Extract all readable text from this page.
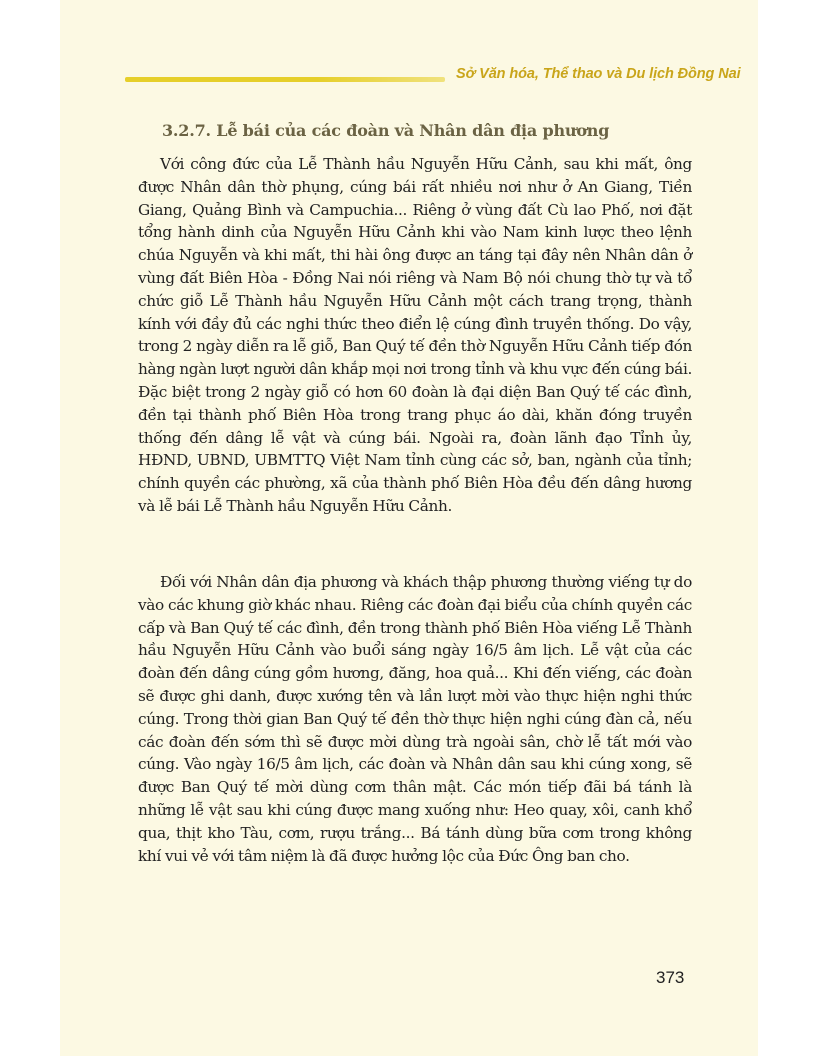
Sở Văn hóa, Thể thao và Du lịch Đồng Nai
3.2.7. Lễ bái của các đoàn và Nhân dân địa phương

Với công đức của Lễ Thành hầu Nguyễn Hữu Cảnh, sau khi mất, ông được Nhân dân thờ phụng, cúng bái rất nhiều nơi như ở An Giang, Tiền Giang, Quảng Bình và Campuchia... Riêng ở vùng đất Cù lao Phố, nơi đặt tổng hành dinh của Nguyễn Hữu Cảnh khi vào Nam kinh lược theo lệnh chúa Nguyễn và khi mất, thi hài ông được an táng tại đây nên Nhân dân ở vùng đất Biên Hòa - Đồng Nai nói riêng và Nam Bộ nói chung thờ tự và tổ chức giỗ Lễ Thành hầu Nguyễn Hữu Cảnh một cách trang trọng, thành kính với đầy đủ các nghi thức theo điển lệ cúng đình truyền thống. Do vậy, trong 2 ngày diễn ra lễ giỗ, Ban Quý tế đền thờ Nguyễn Hữu Cảnh tiếp đón hàng ngàn lượt người dân khắp mọi nơi trong tỉnh và khu vực đến cúng bái. Đặc biệt trong 2 ngày giỗ có hơn 60 đoàn là đại diện Ban Quý tế các đình, đền tại thành phố Biên Hòa trong trang phục áo dài, khăn đóng truyền thống đến dâng lễ vật và cúng bái. Ngoài ra, đoàn lãnh đạo Tỉnh ủy, HĐND, UBND, UBMTTQ Việt Nam tỉnh cùng các sở, ban, ngành của tỉnh; chính quyền các phường, xã của thành phố Biên Hòa đều đến dâng hương và lễ bái Lễ Thành hầu Nguyễn Hữu Cảnh.

Đối với Nhân dân địa phương và khách thập phương thường viếng tự do vào các khung giờ khác nhau. Riêng các đoàn đại biểu của chính quyền các cấp và Ban Quý tế các đình, đền trong thành phố Biên Hòa viếng Lễ Thành hầu Nguyễn Hữu Cảnh vào buổi sáng ngày 16/5 âm lịch. Lễ vật của các đoàn đến dâng cúng gồm hương, đăng, hoa quả... Khi đến viếng, các đoàn sẽ được ghi danh, được xướng tên và lần lượt mời vào thực hiện nghi thức cúng. Trong thời gian Ban Quý tế đền thờ thực hiện nghi cúng đàn cả, nếu các đoàn đến sớm thì sẽ được mời dùng trà ngoài sân, chờ lễ tất mới vào cúng. Vào ngày 16/5 âm lịch, các đoàn và Nhân dân sau khi cúng xong, sẽ được Ban Quý tế mời dùng cơm thân mật. Các món tiếp đãi bá tánh là những lễ vật sau khi cúng được mang xuống như: Heo quay, xôi, canh khổ qua, thịt kho Tàu, cơm, rượu trắng... Bá tánh dùng bữa cơm trong không khí vui vẻ với tâm niệm là đã được hưởng lộc của Đức Ông ban cho.

373
